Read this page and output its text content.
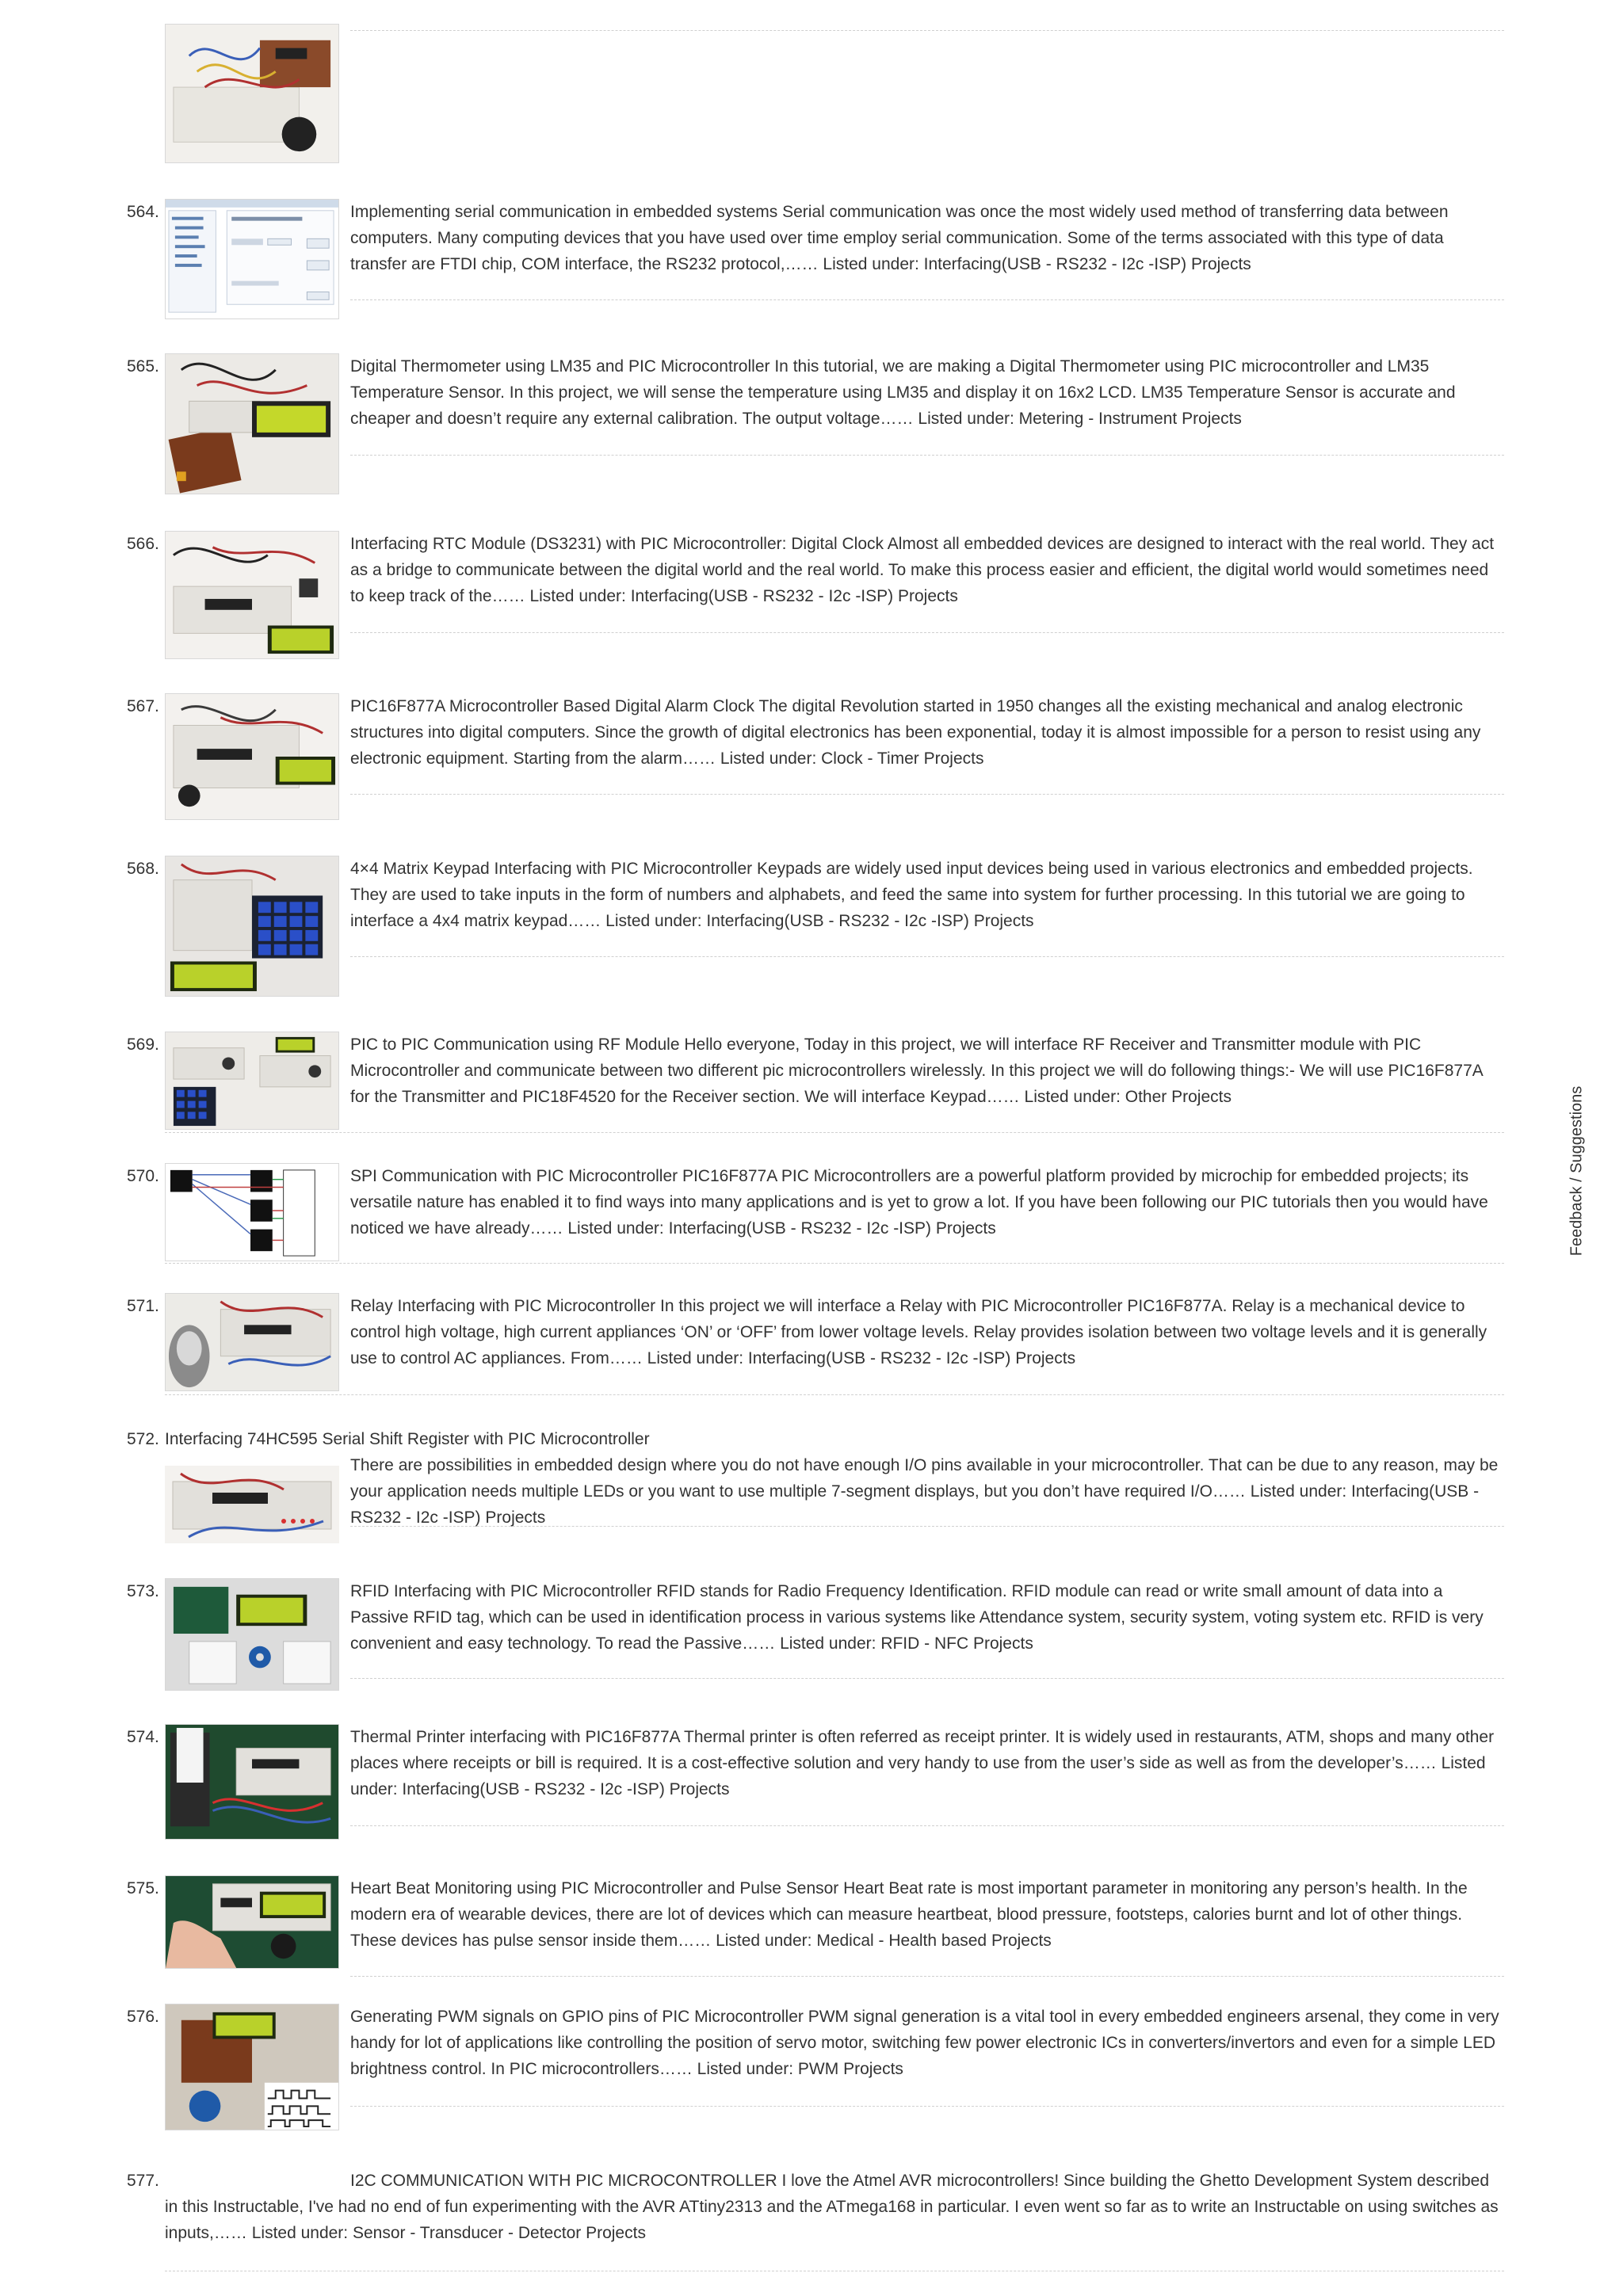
564.	Implementing serial communication in embedded systems Serial communication was once the most widely used method of transferring data between computers. Many computing devices that you have used over time employ serial communication. Some of the terms associated with this type of data transfer are FTDI chip, COM interface, the RS232 protocol,…… Listed under: Interfacing(USB - RS232 - I2c -ISP) Projects
565.	Digital Thermometer using LM35 and PIC Microcontroller In this tutorial, we are making a Digital Thermometer using PIC microcontroller and LM35 Temperature Sensor. In this project, we will sense the temperature using LM35 and display it on 16x2 LCD. LM35 Temperature Sensor is accurate and cheaper and doesn’t require any external calibration. The output voltage…… Listed under: Metering - Instrument Projects
566.	Interfacing RTC Module (DS3231) with PIC Microcontroller: Digital Clock Almost all embedded devices are designed to interact with the real world. They act as a bridge to communicate between the digital world and the real world. To make this process easier and efficient, the digital world would sometimes need to keep track of the…… Listed under: Interfacing(USB - RS232 - I2c -ISP) Projects
567.	PIC16F877A Microcontroller Based Digital Alarm Clock The digital Revolution started in 1950 changes all the existing mechanical and analog electronic structures into digital computers. Since the growth of digital electronics has been exponential, today it is almost impossible for a person to resist using any electronic equipment. Starting from the alarm…… Listed under: Clock - Timer Projects
568.	4×4 Matrix Keypad Interfacing with PIC Microcontroller Keypads are widely used input devices being used in various electronics and embedded projects. They are used to take inputs in the form of numbers and alphabets, and feed the same into system for further processing. In this tutorial we are going to interface a 4x4 matrix keypad…… Listed under: Interfacing(USB - RS232 - I2c -ISP) Projects
569.	PIC to PIC Communication using RF Module Hello everyone, Today in this project, we will interface RF Receiver and Transmitter module with PIC Microcontroller and communicate between two different pic microcontrollers wirelessly. In this project we will do following things:- We will use PIC16F877A for the Transmitter and PIC18F4520 for the Receiver section. We will interface Keypad…… Listed under: Other Projects
570.	SPI Communication with PIC Microcontroller PIC16F877A PIC Microcontrollers are a powerful platform provided by microchip for embedded projects; its versatile nature has enabled it to find ways into many applications and is yet to grow a lot. If you have been following our PIC tutorials then you would have noticed we have already…… Listed under: Interfacing(USB - RS232 - I2c -ISP) Projects
571.	Relay Interfacing with PIC Microcontroller In this project we will interface a Relay with PIC Microcontroller PIC16F877A. Relay is a mechanical device to control high voltage, high current appliances ‘ON’ or ‘OFF’ from lower voltage levels. Relay provides isolation between two voltage levels and it is generally use to control AC appliances. From…… Listed under: Interfacing(USB - RS232 - I2c -ISP) Projects
572. Interfacing 74HC595 Serial Shift Register with PIC Microcontroller
There are possibilities in embedded design where you do not have enough I/O pins available in your microcontroller. That can be due to any reason, may be your application needs multiple LEDs or you want to use multiple 7-segment displays, but you don’t have required I/O…… Listed under: Interfacing(USB - RS232 - I2c -ISP) Projects
573.	RFID Interfacing with PIC Microcontroller RFID stands for Radio Frequency Identification. RFID module can read or write small amount of data into a Passive RFID tag, which can be used in identification process in various systems like Attendance system, security system, voting system etc. RFID is very convenient and easy technology. To read the Passive…… Listed under: RFID - NFC Projects
574.	Thermal Printer interfacing with PIC16F877A Thermal printer is often referred as receipt printer. It is widely used in restaurants, ATM, shops and many other places where receipts or bill is required. It is a cost-effective solution and very handy to use from the user’s side as well as from the developer’s…… Listed under: Interfacing(USB - RS232 - I2c -ISP) Projects
575.	Heart Beat Monitoring using PIC Microcontroller and Pulse Sensor Heart Beat rate is most important parameter in monitoring any person’s health. In the modern era of wearable devices, there are lot of devices which can measure heartbeat, blood pressure, footsteps, calories burnt and lot of other things. These devices has pulse sensor inside them…… Listed under: Medical - Health based Projects
576.	Generating PWM signals on GPIO pins of PIC Microcontroller PWM signal generation is a vital tool in every embedded engineers arsenal, they come in very handy for lot of applications like controlling the position of servo motor, switching few power electronic ICs in converters/invertors and even for a simple LED brightness control. In PIC microcontrollers…… Listed under: PWM Projects
577.	I2C COMMUNICATION WITH PIC MICROCONTROLLER I love the Atmel AVR microcontrollers! Since building the Ghetto Development System described in this Instructable, I've had no end of fun experimenting with the AVR ATtiny2313 and the ATmega168 in particular. I even went so far as to write an Instructable on using switches as inputs,…… Listed under: Sensor - Transducer - Detector Projects
Feedback / Suggestions
